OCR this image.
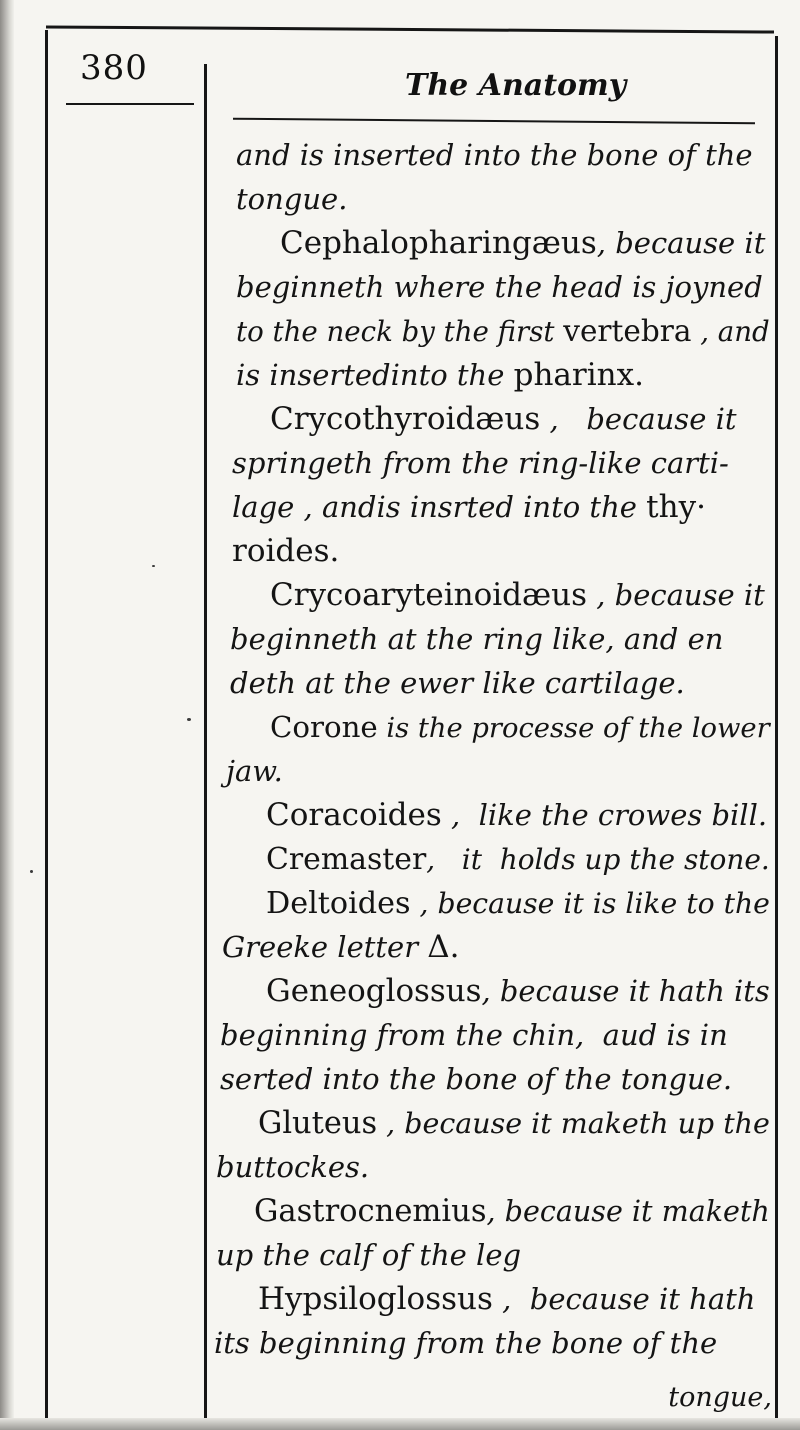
380	The Anatomy
and is inserted into the bone of the
tongue.
Cephalopharingæus, because it
beginneth where the head is joyned
to the neck by the first vertebra , and
is insertedinto the pharinx.
Crycothyroidæus ,   because it
springeth from the ring-like carti-
lage , andis insrted into the thy·
roides.
Crycoaryteinoidæus , because it
beginneth at the ring like, and en
deth at the ewer like cartilage.
Corone is the processe of the lower
jaw.
Coracoides ,  like the crowes bill.
Cremaster,   it  holds up the stone.
Deltoides , because it is like to the
Greeke letter Δ.
Geneoglossus, because it hath its
beginning from the chin,  aud is in
serted into the bone of the tongue.
Gluteus , because it maketh up the
buttockes.
Gastrocnemius, because it maketh
up the calf of the leg
Hypsiloglossus ,  because it hath
its beginning from the bone of the
tongue,
